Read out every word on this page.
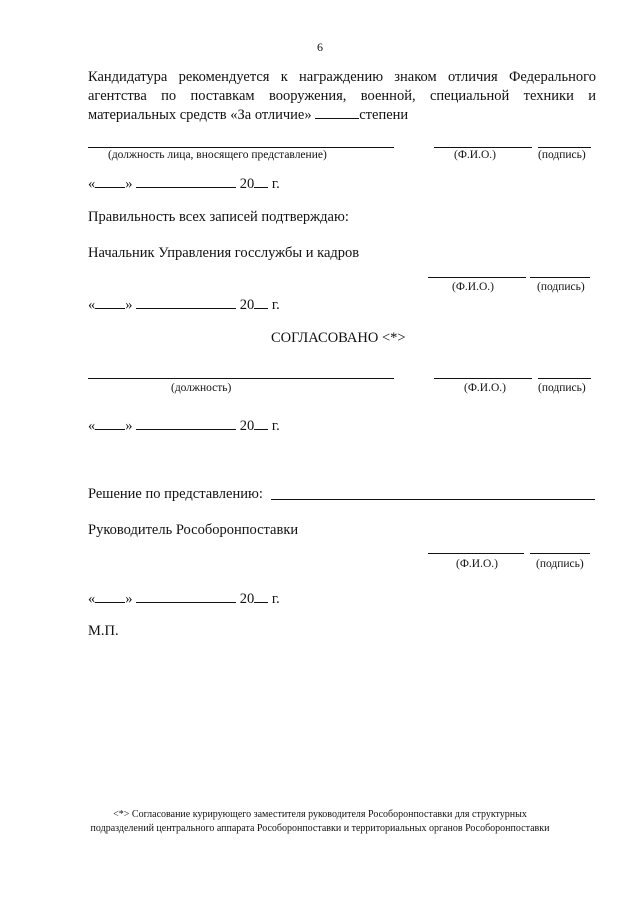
6
Кандидатура рекомендуется к награждению знаком отличия Федерального
агентства по поставкам вооружения, военной, специальной техники и
материальных средств «За отличие»	степени
(должность лица, вносящего представление)	(Ф.И.О.)	(подпись)
« »	20 г.
Правильность всех записей подтверждаю:
Начальник Управления госслужбы и кадров
(Ф.И.О.)	(подпись)
« »	20 г.
СОГЛАСОВАНО <*>
(должность)	(Ф.И.О.)	(подпись)
« »	20 г.
Решение по представлению:
Руководитель Рособоронпоставки
(Ф.И.О.)	(подпись)
« »	20 г.
М.П.
<*> Согласование курирующего заместителя руководителя Рособоронпоставки для структурных
подразделений центрального аппарата Рособоронпоставки и территориальных органов Рособоронпоставки
